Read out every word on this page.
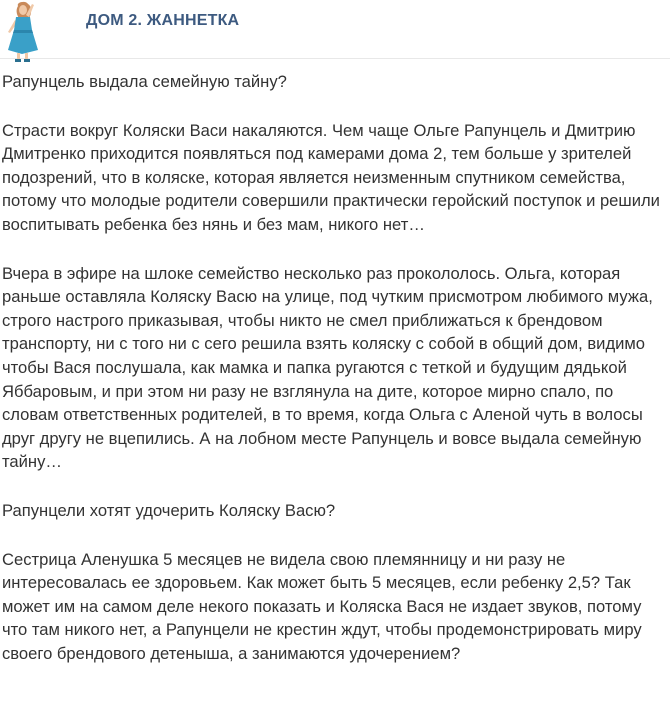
ДОМ 2. ЖАННЕТКА

Рапунцель выдала семейную тайну?

Страсти вокруг Коляски Васи накаляются. Чем чаще Ольге Рапунцель и Дмитрию Дмитренко приходится появляться под камерами дома 2, тем больше у зрителей подозрений, что в коляске, которая является неизменным спутником семейства, потому что молодые родители совершили практически геройский поступок и решили воспитывать ребенка без нянь и без мам, никого нет…

Вчера в эфире на шлоке семейство несколько раз прокололось. Ольга, которая раньше оставляла Коляску Васю на улице, под чутким присмотром любимого мужа, строго настрого приказывая, чтобы никто не смел приближаться к брендовом транспорту, ни с того ни с сего решила взять коляску с собой в общий дом, видимо чтобы Вася послушала, как мамка и папка ругаются с теткой и будущим дядькой Яббаровым, и при этом ни разу не взглянула на дите, которое мирно спало, по словам ответственных родителей, в то время, когда Ольга с Аленой чуть в волосы друг другу не вцепились. А на лобном месте Рапунцель и вовсе выдала семейную тайну…

Рапунцели хотят удочерить Коляску Васю?

Сестрица Аленушка 5 месяцев не видела свою племянницу и ни разу не интересовалась ее здоровьем. Как может быть 5 месяцев, если ребенку 2,5? Так может им на самом деле некого показать и Коляска Вася не издает звуков, потому что там никого нет, а Рапунцели не крестин ждут, чтобы продемонстрировать миру своего брендового детеныша, а занимаются удочерением?
